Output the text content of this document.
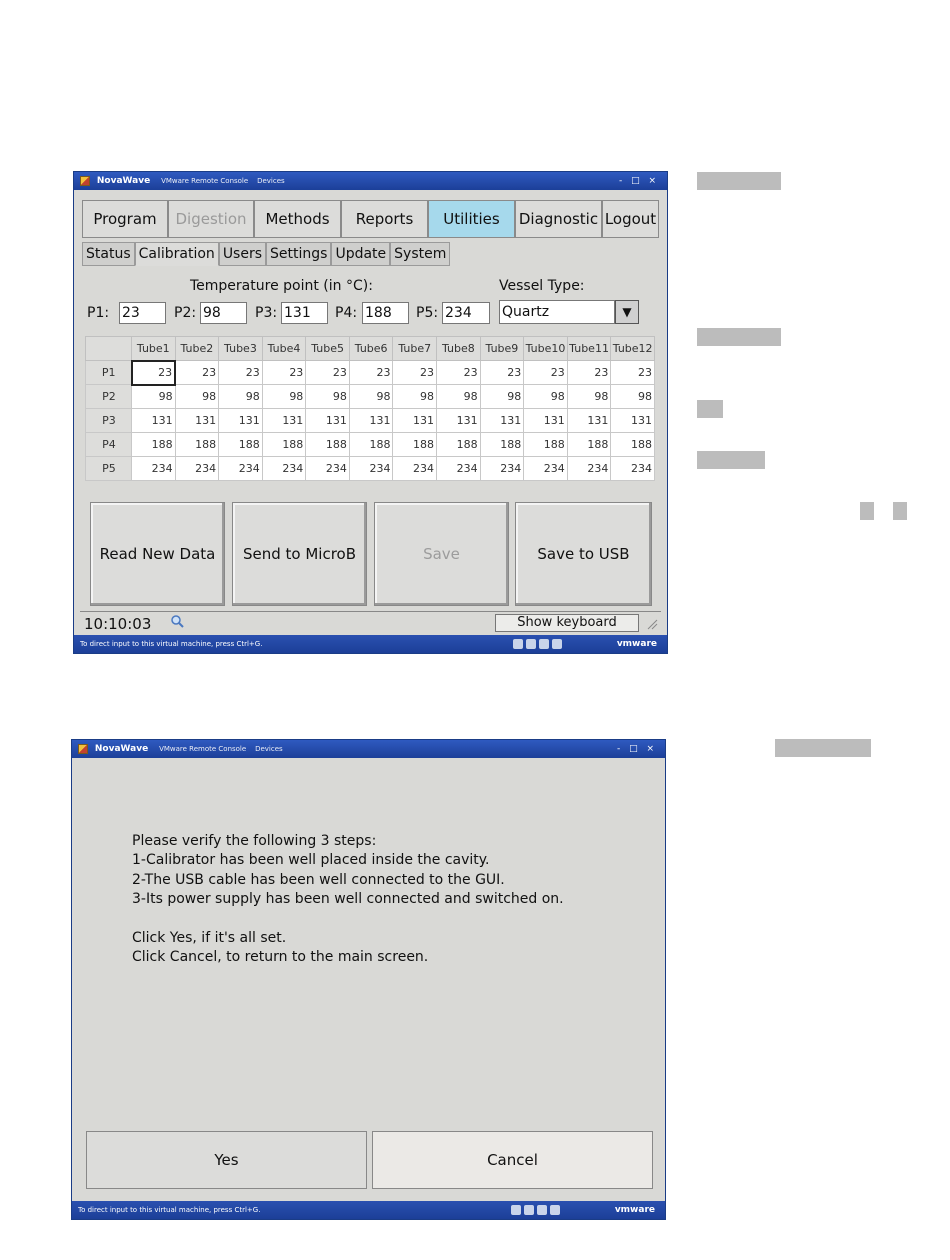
NovaWave VMware Remote Console Devices	- □ ×
Program	Digestion	Methods	Reports	Utilities	Diagnostic Logout
Status Calibration Users Settings Update System
Temperature point (in °C):	Vessel Type:
P1: 23	P2: 98	P3: 131	P4: 188	P5: 234	Quartz	▼
	Tube1	Tube2	Tube3	Tube4	Tube5	Tube6	Tube7	Tube8	Tube9	Tube10	Tube11	Tube12
P1	23	23	23	23	23	23	23	23	23	23	23	23
P2	98	98	98	98	98	98	98	98	98	98	98	98
P3	131	131	131	131	131	131	131	131	131	131	131	131
P4	188	188	188	188	188	188	188	188	188	188	188	188
P5	234	234	234	234	234	234	234	234	234	234	234	234
Read New Data	Send to MicroB	Save	Save to USB
10:10:03	Show keyboard
To direct input to this virtual machine, press Ctrl+G.	vmware
NovaWave VMware Remote Console Devices	- □ ×
Please verify the following 3 steps:
1-Calibrator has been well placed inside the cavity.
2-The USB cable has been well connected to the GUI.
3-Its power supply has been well connected and switched on.
Click Yes, if it's all set.
Click Cancel, to return to the main screen.
Yes	Cancel
To direct input to this virtual machine, press Ctrl+G.	vmware
